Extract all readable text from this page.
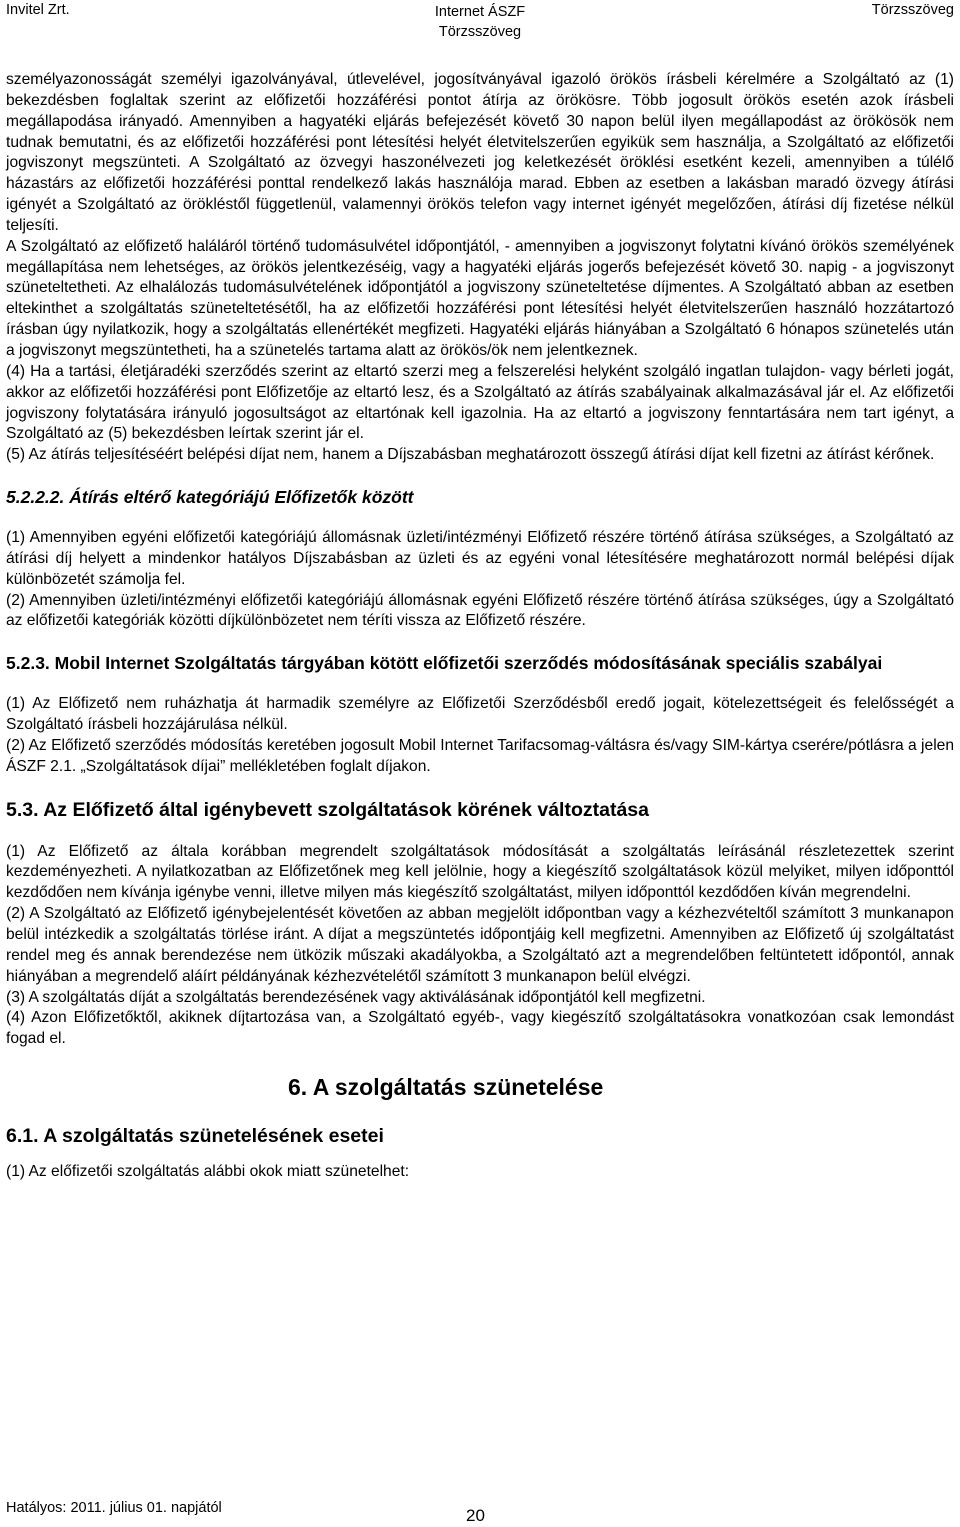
Invitel Zrt.	Internet ÁSZF
Törzsszöveg
Törzsszöveg

személyazonosságát személyi igazolványával, útlevelével, jogosítványával igazoló örökös írásbeli kérelmére a Szolgáltató az (1) bekezdésben foglaltak szerint az előfizetői hozzáférési pontot átírja az örökösre. Több jogosult örökös esetén azok írásbeli megállapodása irányadó. Amennyiben a hagyatéki eljárás befejezését követő 30 napon belül ilyen megállapodást az örökösök nem tudnak bemutatni, és az előfizetői hozzáférési pont létesítési helyét életvitelszerűen egyikük sem használja, a Szolgáltató az előfizetői jogviszonyt megszünteti. A Szolgáltató az özvegyi haszonélvezeti jog keletkezését öröklési esetként kezeli, amennyiben a túlélő házastárs az előfizetői hozzáférési ponttal rendelkező lakás használója marad. Ebben az esetben a lakásban maradó özvegy átírási igényét a Szolgáltató az örökléstől függetlenül, valamennyi örökös telefon vagy internet igényét megelőzően, átírási díj fizetése nélkül teljesíti.

A Szolgáltató az előfizető haláláról történő tudomásulvétel időpontjától, - amennyiben a jogviszonyt folytatni kívánó örökös személyének megállapítása nem lehetséges, az örökös jelentkezéséig, vagy a hagyatéki eljárás jogerős befejezését követő 30. napig - a jogviszonyt szüneteltetheti. Az elhalálozás tudomásulvételének időpontjától a jogviszony szüneteltetése díjmentes. A Szolgáltató abban az esetben eltekinthet a szolgáltatás szüneteltetésétől, ha az előfizetői hozzáférési pont létesítési helyét életvitelszerűen használó hozzátartozó írásban úgy nyilatkozik, hogy a szolgáltatás ellenértékét megfizeti. Hagyatéki eljárás hiányában a Szolgáltató 6 hónapos szünetelés után a jogviszonyt megszüntetheti, ha a szünetelés tartama alatt az örökös/ök nem jelentkeznek.

(4) Ha a tartási, életjáradéki szerződés szerint az eltartó szerzi meg a felszerelési helyként szolgáló ingatlan tulajdon- vagy bérleti jogát, akkor az előfizetői hozzáférési pont Előfizetője az eltartó lesz, és a Szolgáltató az átírás szabályainak alkalmazásával jár el. Az előfizetői jogviszony folytatására irányuló jogosultságot az eltartónak kell igazolnia. Ha az eltartó a jogviszony fenntartására nem tart igényt, a Szolgáltató az (5) bekezdésben leírtak szerint jár el.

(5) Az átírás teljesítéséért belépési díjat nem, hanem a Díjszabásban meghatározott összegű átírási díjat kell fizetni az átírást kérőnek.

5.2.2.2. Átírás eltérő kategóriájú Előfizetők között

(1) Amennyiben egyéni előfizetői kategóriájú állomásnak üzleti/intézményi Előfizető részére történő átírása szükséges, a Szolgáltató az átírási díj helyett a mindenkor hatályos Díjszabásban az üzleti és az egyéni vonal létesítésére meghatározott normál belépési díjak különbözetét számolja fel.

(2) Amennyiben üzleti/intézményi előfizetői kategóriájú állomásnak egyéni Előfizető részére történő átírása szükséges, úgy a Szolgáltató az előfizetői kategóriák közötti díjkülönbözetet nem téríti vissza az Előfizető részére.

5.2.3. Mobil Internet Szolgáltatás tárgyában kötött előfizetői szerződés módosításának speciális szabályai

(1) Az Előfizető nem ruházhatja át harmadik személyre az Előfizetői Szerződésből eredő jogait, kötelezettségeit és felelősségét a Szolgáltató írásbeli hozzájárulása nélkül.

(2) Az Előfizető szerződés módosítás keretében jogosult Mobil Internet Tarifacsomag-váltásra és/vagy SIM-kártya cserére/pótlásra a jelen ÁSZF 2.1. „Szolgáltatások díjai” mellékletében foglalt díjakon.

5.3. Az Előfizető által igénybevett szolgáltatások körének változtatása

(1) Az Előfizető az általa korábban megrendelt szolgáltatások módosítását a szolgáltatás leírásánál részletezettek szerint kezdeményezheti. A nyilatkozatban az Előfizetőnek meg kell jelölnie, hogy a kiegészítő szolgáltatások közül melyiket, milyen időponttól kezdődően nem kívánja igénybe venni, illetve milyen más kiegészítő szolgáltatást, milyen időponttól kezdődően kíván megrendelni.

(2) A Szolgáltató az Előfizető igénybejelentését követően az abban megjelölt időpontban vagy a kézhezvételtől számított 3 munkanapon belül intézkedik a szolgáltatás törlése iránt. A díjat a megszüntetés időpontjáig kell megfizetni. Amennyiben az Előfizető új szolgáltatást rendel meg és annak berendezése nem ütközik műszaki akadályokba, a Szolgáltató azt a megrendelőben feltüntetett időpontól, annak hiányában a megrendelő aláírt példányának kézhezvételétől számított 3 munkanapon belül elvégzi.

(3) A szolgáltatás díját a szolgáltatás berendezésének vagy aktiválásának időpontjától kell megfizetni.

(4) Azon Előfizetőktől, akiknek díjtartozása van, a Szolgáltató egyéb-, vagy kiegészítő szolgáltatásokra vonatkozóan csak lemondást fogad el.

6. A szolgáltatás szünetelése

6.1. A szolgáltatás szünetelésének esetei

(1) Az előfizetői szolgáltatás alábbi okok miatt szünetelhet:

Hatályos: 2011. július 01. napjától	20
